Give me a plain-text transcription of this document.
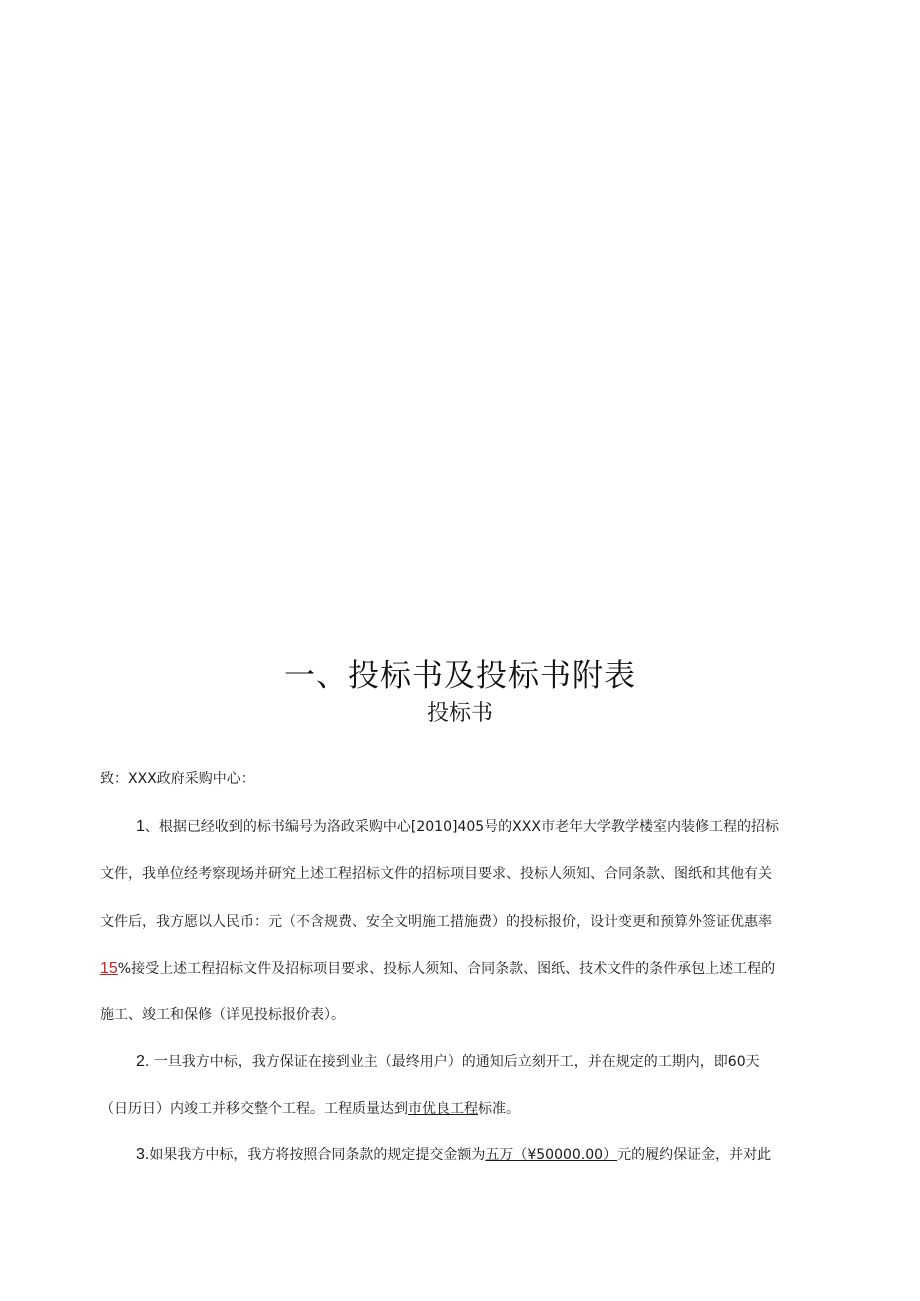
一、投标书及投标书附表
投标书
致：XXX政府采购中心：
1、根据已经收到的标书编号为洛政采购中心[2010]405号的XXX市老年大学教学楼室内装修工程的招标
文件，我单位经考察现场并研究上述工程招标文件的招标项目要求、投标人须知、合同条款、图纸和其他有关
文件后，我方愿以人民币：元（不含规费、安全文明施工措施费）的投标报价，设计变更和预算外签证优惠率
15%接受上述工程招标文件及招标项目要求、投标人须知、合同条款、图纸、技术文件的条件承包上述工程的
施工、竣工和保修（详见投标报价表）。
2. 一旦我方中标，我方保证在接到业主（最终用户）的通知后立刻开工，并在规定的工期内，即60天
（日历日）内竣工并移交整个工程。工程质量达到市优良工程标准。
3.如果我方中标，我方将按照合同条款的规定提交金额为五万（¥50000.00）元的履约保证金，并对此
